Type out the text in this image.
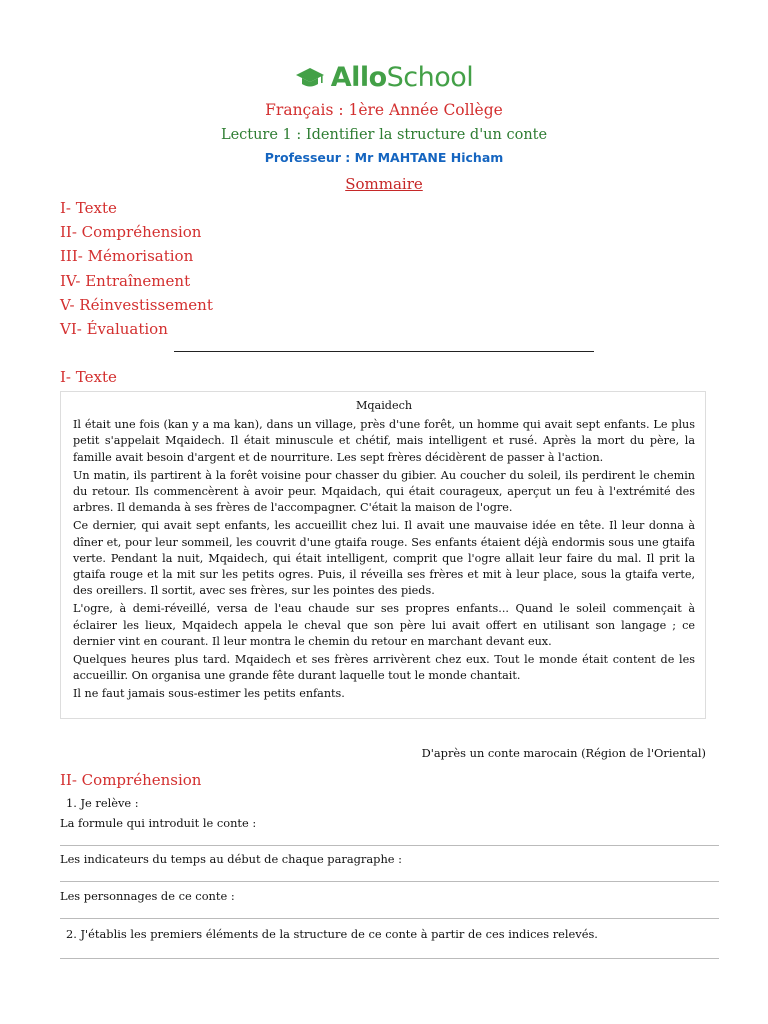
AlloSchool
Français : 1ère Année Collège
Lecture 1 : Identifier la structure d'un conte
Professeur : Mr MAHTANE Hicham
Sommaire
I- Texte
II- Compréhension
III- Mémorisation
IV- Entraînement
V- Réinvestissement
VI- Évaluation
I- Texte
Mqaidech

Il était une fois (kan y a ma kan), dans un village, près d'une forêt, un homme qui avait sept enfants. Le plus petit s'appelait Mqaidech. Il était minuscule et chétif, mais intelligent et rusé. Après la mort du père, la famille avait besoin d'argent et de nourriture. Les sept frères décidèrent de passer à l'action.

Un matin, ils partirent à la forêt voisine pour chasser du gibier. Au coucher du soleil, ils perdirent le chemin du retour. Ils commencèrent à avoir peur. Mqaidach, qui était courageux, aperçut un feu à l'extrémité des arbres. Il demanda à ses frères de l'accompagner. C'était la maison de l'ogre.

Ce dernier, qui avait sept enfants, les accueillit chez lui. Il avait une mauvaise idée en tête. Il leur donna à dîner et, pour leur sommeil, les couvrit d'une gtaifa rouge. Ses enfants étaient déjà endormis sous une gtaifa verte. Pendant la nuit, Mqaidech, qui était intelligent, comprit que l'ogre allait leur faire du mal. Il prit la gtaifa rouge et la mit sur les petits ogres. Puis, il réveilla ses frères et mit à leur place, sous la gtaifa verte, des oreillers. Il sortit, avec ses frères, sur les pointes des pieds.

L'ogre, à demi-réveillé, versa de l'eau chaude sur ses propres enfants... Quand le soleil commençait à éclairer les lieux, Mqaidech appela le cheval que son père lui avait offert en utilisant son langage ; ce dernier vint en courant. Il leur montra le chemin du retour en marchant devant eux.

Quelques heures plus tard. Mqaidech et ses frères arrivèrent chez eux. Tout le monde était content de les accueillir. On organisa une grande fête durant laquelle tout le monde chantait.

Il ne faut jamais sous-estimer les petits enfants.

D'après un conte marocain (Région de l'Oriental)
II- Compréhension
1. Je relève :
La formule qui introduit le conte :
Les indicateurs du temps au début de chaque paragraphe :
Les personnages de ce conte :
2. J'établis les premiers éléments de la structure de ce conte à partir de ces indices relevés.
